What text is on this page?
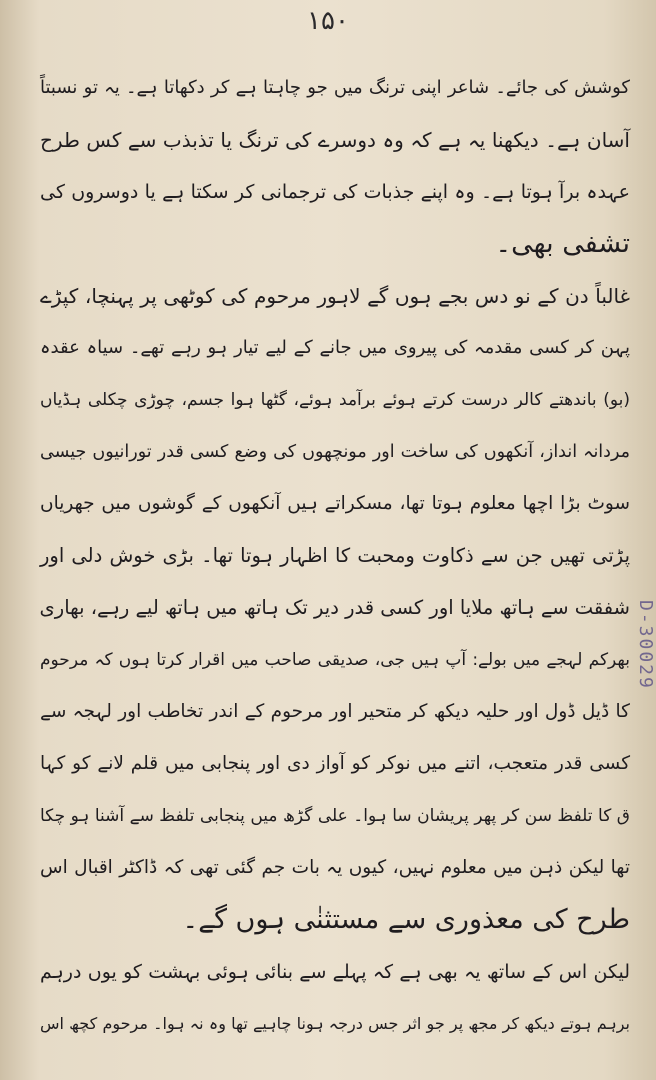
۱۵۰
کوشش کی جائے۔ شاعر اپنی ترنگ میں جو چاہتا ہے کر دکھاتا ہے۔ یہ تو نسبتاً
آسان ہے۔ دیکھنا یہ ہے کہ وہ دوسرے کی ترنگ یا تذبذب سے کس طرح
عہدہ برآ ہوتا ہے۔ وہ اپنے جذبات کی ترجمانی کر سکتا ہے یا دوسروں کی
تشفی بھی۔
غالباً دن کے نو دس بجے ہوں گے لاہور مرحوم کی کوٹھی پر پہنچا، کپڑے
پہن کر کسی مقدمہ کی پیروی میں جانے کے لیے تیار ہو رہے تھے۔ سیاہ عقدہ
(بو) باندھتے کالر درست کرتے ہوئے برآمد ہوئے، گٹھا ہوا جسم، چوڑی چکلی ہڈیاں
مردانہ انداز، آنکھوں کی ساخت اور مونچھوں کی وضع کسی قدر تورانیوں جیسی
سوٹ بڑا اچھا معلوم ہوتا تھا، مسکراتے ہیں آنکھوں کے گوشوں میں جھریاں
پڑتی تھیں جن سے ذکاوت ومحبت کا اظہار ہوتا تھا۔ بڑی خوش دلی اور
شفقت سے ہاتھ ملایا اور کسی قدر دیر تک ہاتھ میں ہاتھ لیے رہے، بھاری
بھرکم لہجے میں بولے: آپ ہیں جی، صدیقی صاحب میں اقرار کرتا ہوں کہ مرحوم
کا ڈیل ڈول اور حلیہ دیکھ کر متحیر اور مرحوم کے اندر تخاطب اور لہجہ سے
کسی قدر متعجب، اتنے میں نوکر کو آواز دی اور پنجابی میں قلم لانے کو کہا
ق کا تلفظ سن کر پھر پریشان سا ہوا۔ علی گڑھ میں پنجابی تلفظ سے آشنا ہو چکا
تھا لیکن ذہن میں معلوم نہیں، کیوں یہ بات جم گئی تھی کہ ڈاکٹر اقبال اس
طرح کی معذوری سے مستثنٰی ہوں گے۔
لیکن اس کے ساتھ یہ بھی ہے کہ پہلے سے بنائی ہوئی بہشت کو یوں درہم
برہم ہوتے دیکھ کر مجھ پر جو اثر جس درجہ ہونا چاہیے تھا وہ نہ ہوا۔ مرحوم کچھ اس
D-30029
